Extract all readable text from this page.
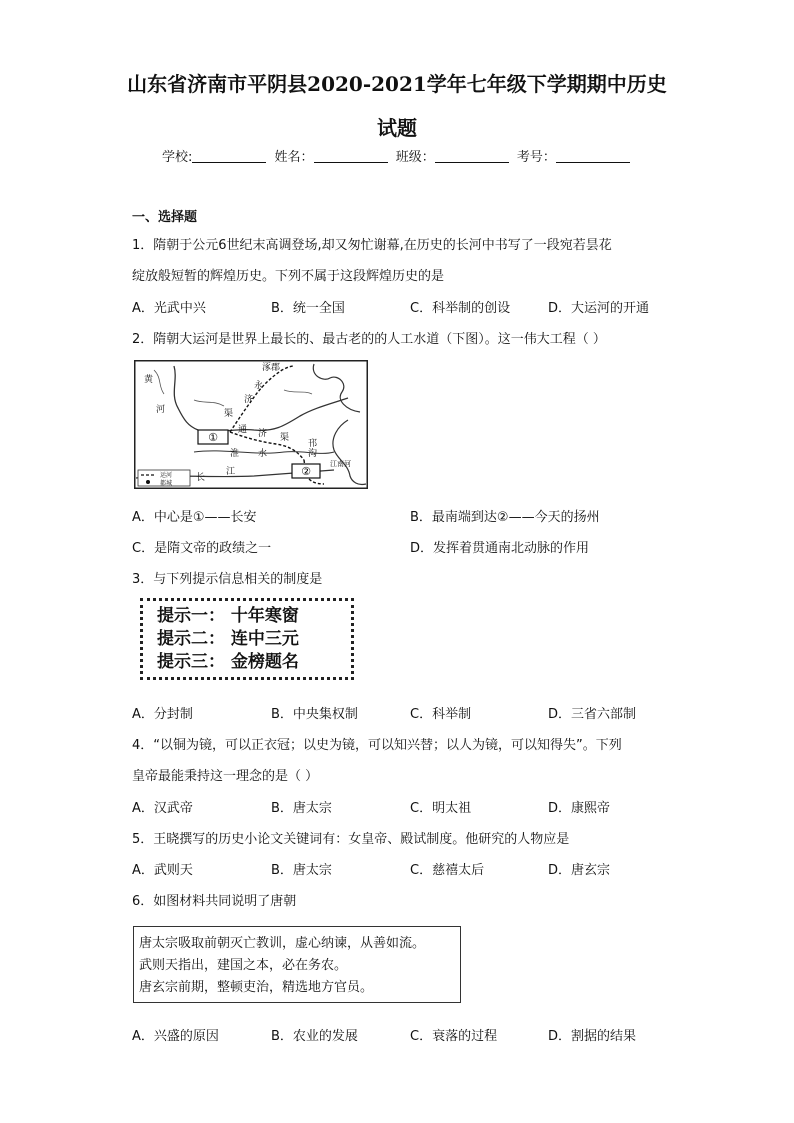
山东省济南市平阴县2020-2021学年七年级下学期期中历史
试题
学校:	姓名：	班级：	考号：
一、选择题
1．隋朝于公元6世纪末高调登场,却又匆忙谢幕,在历史的长河中书写了一段宛若昙花
绽放般短暂的辉煌历史。下列不属于这段辉煌历史的是
A．光武中兴	B．统一全国	C．科举制的创设	D．大运河的开通
2．隋朝大运河是世界上最长的、最古老的的人工水道（下图）。这一伟大工程（ ）
①
②
黄
河
涿郡
永
济
渠
通 济 渠
淮 水
长
江
邗
沟
江南河
运河
都城
A．中心是①——长安	B．最南端到达②——今天的扬州
C．是隋文帝的政绩之一	D．发挥着贯通南北动脉的作用
3．与下列提示信息相关的制度是
提示一： 十年寒窗
提示二： 连中三元
提示三： 金榜题名
A．分封制	B．中央集权制	C．科举制	D．三省六部制
4．“以铜为镜，可以正衣冠；以史为镜，可以知兴替；以人为镜，可以知得失”。下列
皇帝最能秉持这一理念的是（ ）
A．汉武帝	B．唐太宗	C．明太祖	D．康熙帝
5．王晓撰写的历史小论文关键词有：女皇帝、殿试制度。他研究的人物应是
A．武则天	B．唐太宗	C．慈禧太后	D．唐玄宗
6．如图材料共同说明了唐朝
唐太宗吸取前朝灭亡教训，虚心纳谏，从善如流。
武则天指出，建国之本，必在务农。
唐玄宗前期，整顿吏治，精选地方官员。
A．兴盛的原因	B．农业的发展	C．衰落的过程	D．割据的结果
